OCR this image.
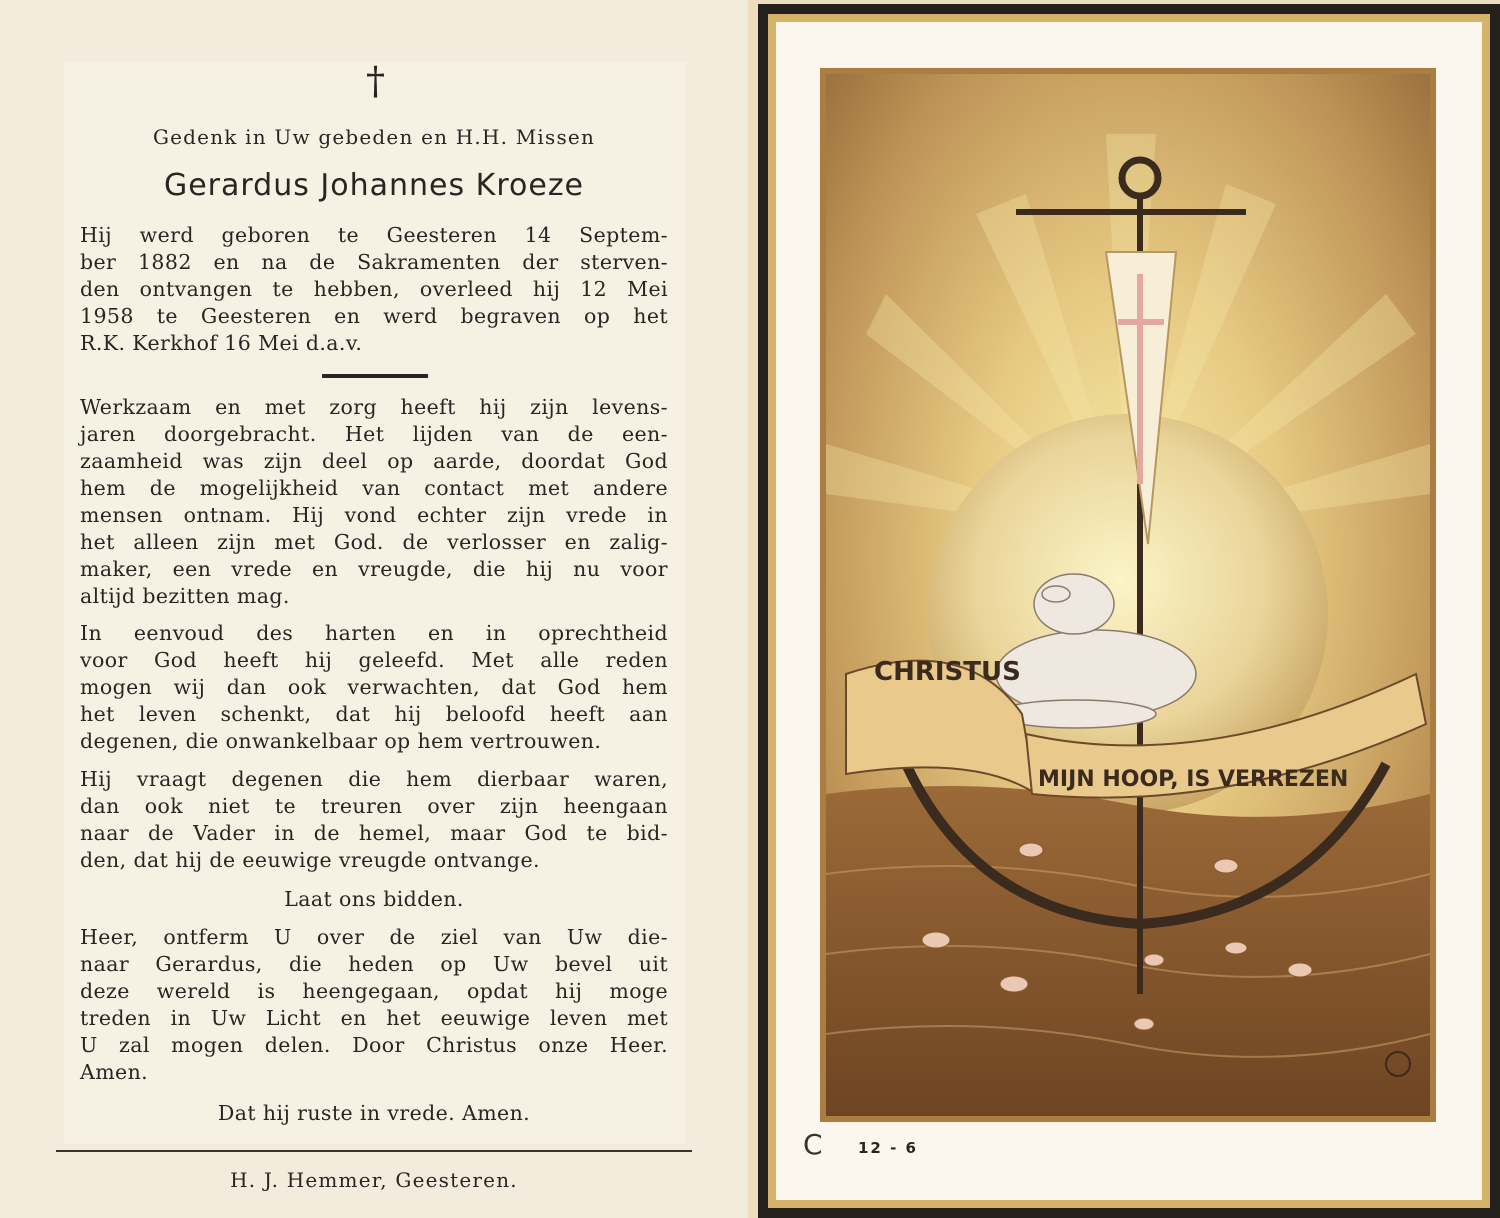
†
Gedenk in Uw gebeden en H.H. Missen
Gerardus Johannes Kroeze
Hij werd geboren te Geesteren 14 Septem-
ber 1882 en na de Sakramenten der sterven-
den ontvangen te hebben, overleed hij 12 Mei
1958 te Geesteren en werd begraven op het
R.K. Kerkhof 16 Mei d.a.v.
Werkzaam en met zorg heeft hij zijn levens-
jaren doorgebracht. Het lijden van de een-
zaamheid was zijn deel op aarde, doordat God
hem de mogelijkheid van contact met andere
mensen ontnam. Hij vond echter zijn vrede in
het alleen zijn met God. de verlosser en zalig-
maker, een vrede en vreugde, die hij nu voor
altijd bezitten mag.
In eenvoud des harten en in oprechtheid
voor God heeft hij geleefd. Met alle reden
mogen wij dan ook verwachten, dat God hem
het leven schenkt, dat hij beloofd heeft aan
degenen, die onwankelbaar op hem vertrouwen.
Hij vraagt degenen die hem dierbaar waren,
dan ook niet te treuren over zijn heengaan
naar de Vader in de hemel, maar God te bid-
den, dat hij de eeuwige vreugde ontvange.
Laat ons bidden.
Heer, ontferm U over de ziel van Uw die-
naar Gerardus, die heden op Uw bevel uit
deze wereld is heengegaan, opdat hij moge
treden in Uw Licht en het eeuwige leven met
U zal mogen delen. Door Christus onze Heer.
Amen.
Dat hij ruste in vrede. Amen.
H. J. Hemmer, Geesteren.
CHRISTUS
MIJN HOOP, IS VERREZEN
C 12 - 6
